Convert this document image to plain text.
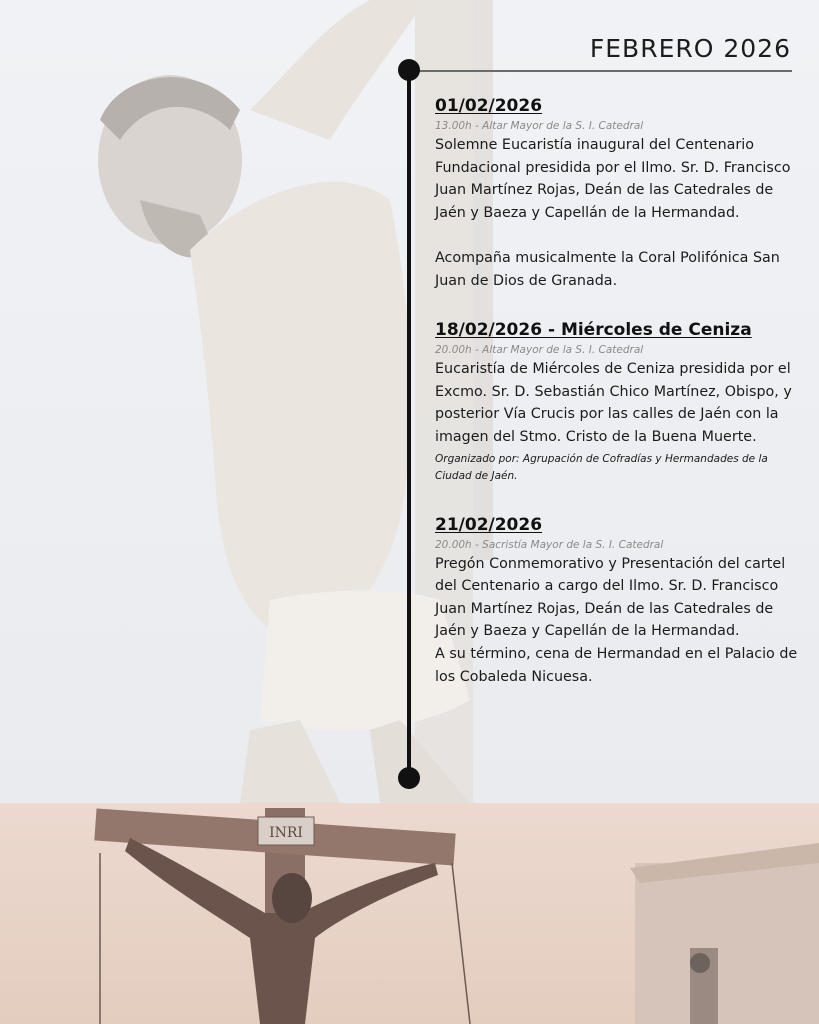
INRI
FEBRERO 2026
01/02/2026
13.00h - Altar Mayor de la S. I. Catedral
Solemne Eucaristía inaugural del Centenario Fundacional presidida por el Ilmo. Sr. D. Francisco Juan Martínez Rojas, Deán de las Catedrales de Jaén y Baeza y Capellán de la Hermandad.

Acompaña musicalmente la Coral Polifónica San Juan de Dios de Granada.
18/02/2026 - Miércoles de Ceniza
20.00h - Altar Mayor de la S. I. Catedral
Eucaristía de Miércoles de Ceniza presidida por el Excmo. Sr. D. Sebastián Chico Martínez, Obispo, y posterior Vía Crucis por las calles de Jaén con la imagen del Stmo. Cristo de la Buena Muerte.
Organizado por: Agrupación de Cofradías y Hermandades de la Ciudad de Jaén.
21/02/2026
20.00h - Sacristía Mayor de la S. I. Catedral
Pregón Conmemorativo y Presentación del cartel del Centenario a cargo del Ilmo. Sr. D. Francisco Juan Martínez Rojas, Deán de las Catedrales de Jaén y Baeza y Capellán de la Hermandad.
A su término, cena de Hermandad en el Palacio de los Cobaleda Nicuesa.
